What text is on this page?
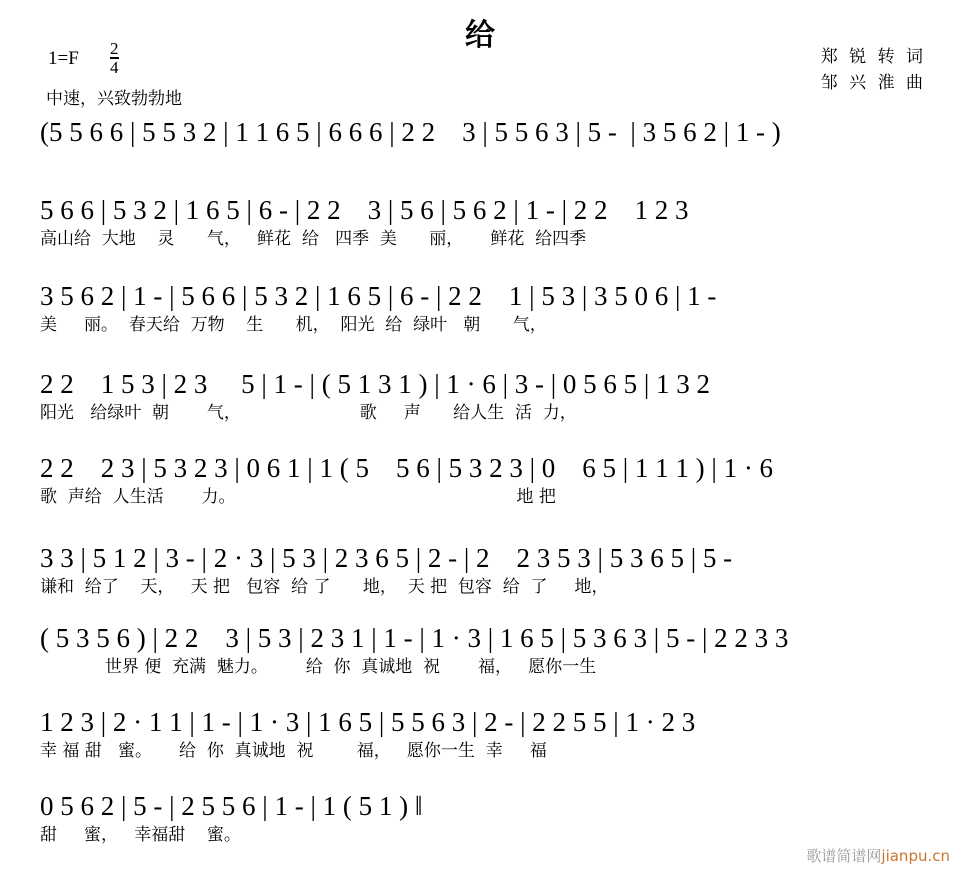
给
$1=F \frac{2}{4}$
中速，兴致勃勃地
郑 锐 转 词
邹 兴 淮 曲
(5 5 6 6 | 5 5 3 2 | 1 1 6 5 | 6 6 6 | 2 2    3 | 5 5 6 3 | 5 -  | 3 5 6 2 | 1 - )
5 6 6 | 5 3 2 | 1 6 5 | 6 - | 2 2    3 | 5 6 | 5 6 2 | 1 - | 2 2    1 2 3
高山给  大地    灵      气，   鲜花  给   四季  美      丽，     鲜花  给四季
3 5 6 2 | 1 - | 5 6 6 | 5 3 2 | 1 6 5 | 6 - | 2 2    1 | 5 3 | 3 5 0 6 | 1 -
美     丽。  春天给  万物    生      机，  阳光  给  绿叶   朝      气，
2 2    1 5 3 | 2 3     5 | 1 - | ( 5 1 3 1 ) | 1 · 6 | 3 - | 0 5 6 5 | 1 3 2
阳光   给绿叶  朝       气，                      歌     声      给人生  活  力，
2 2    2 3 | 5 3 2 3 | 0 6 1 | 1 ( 5    5 6 | 5 3 2 3 | 0    6 5 | 1 1 1 ) | 1 · 6
歌  声给  人生活       力。                                                    地 把
3 3 | 5 1 2 | 3 - | 2 · 3 | 5 3 | 2 3 6 5 | 2 - | 2    2 3 5 3 | 5 3 6 5 | 5 -
谦和  给了    天，   天 把   包容  给 了      地，  天 把  包容  给  了     地，
( 5 3 5 6 ) | 2 2    3 | 5 3 | 2 3 1 | 1 - | 1 · 3 | 1 6 5 | 5 3 6 3 | 5 - | 2 2 3 3
世界 便  充满  魅力。       给  你  真诚地  祝       福，   愿你一生
1 2 3 | 2 · 1 1 | 1 - | 1 · 3 | 1 6 5 | 5 5 6 3 | 2 - | 2 2 5 5 | 1 · 2 3
幸 福 甜   蜜。     给  你  真诚地  祝        福，   愿你一生  幸     福
0 5 6 2 | 5 - | 2 5 5 6 | 1 - | 1 ( 5 1 ) ‖
甜     蜜，   幸福甜    蜜。
歌谱简谱网jianpu.cn
